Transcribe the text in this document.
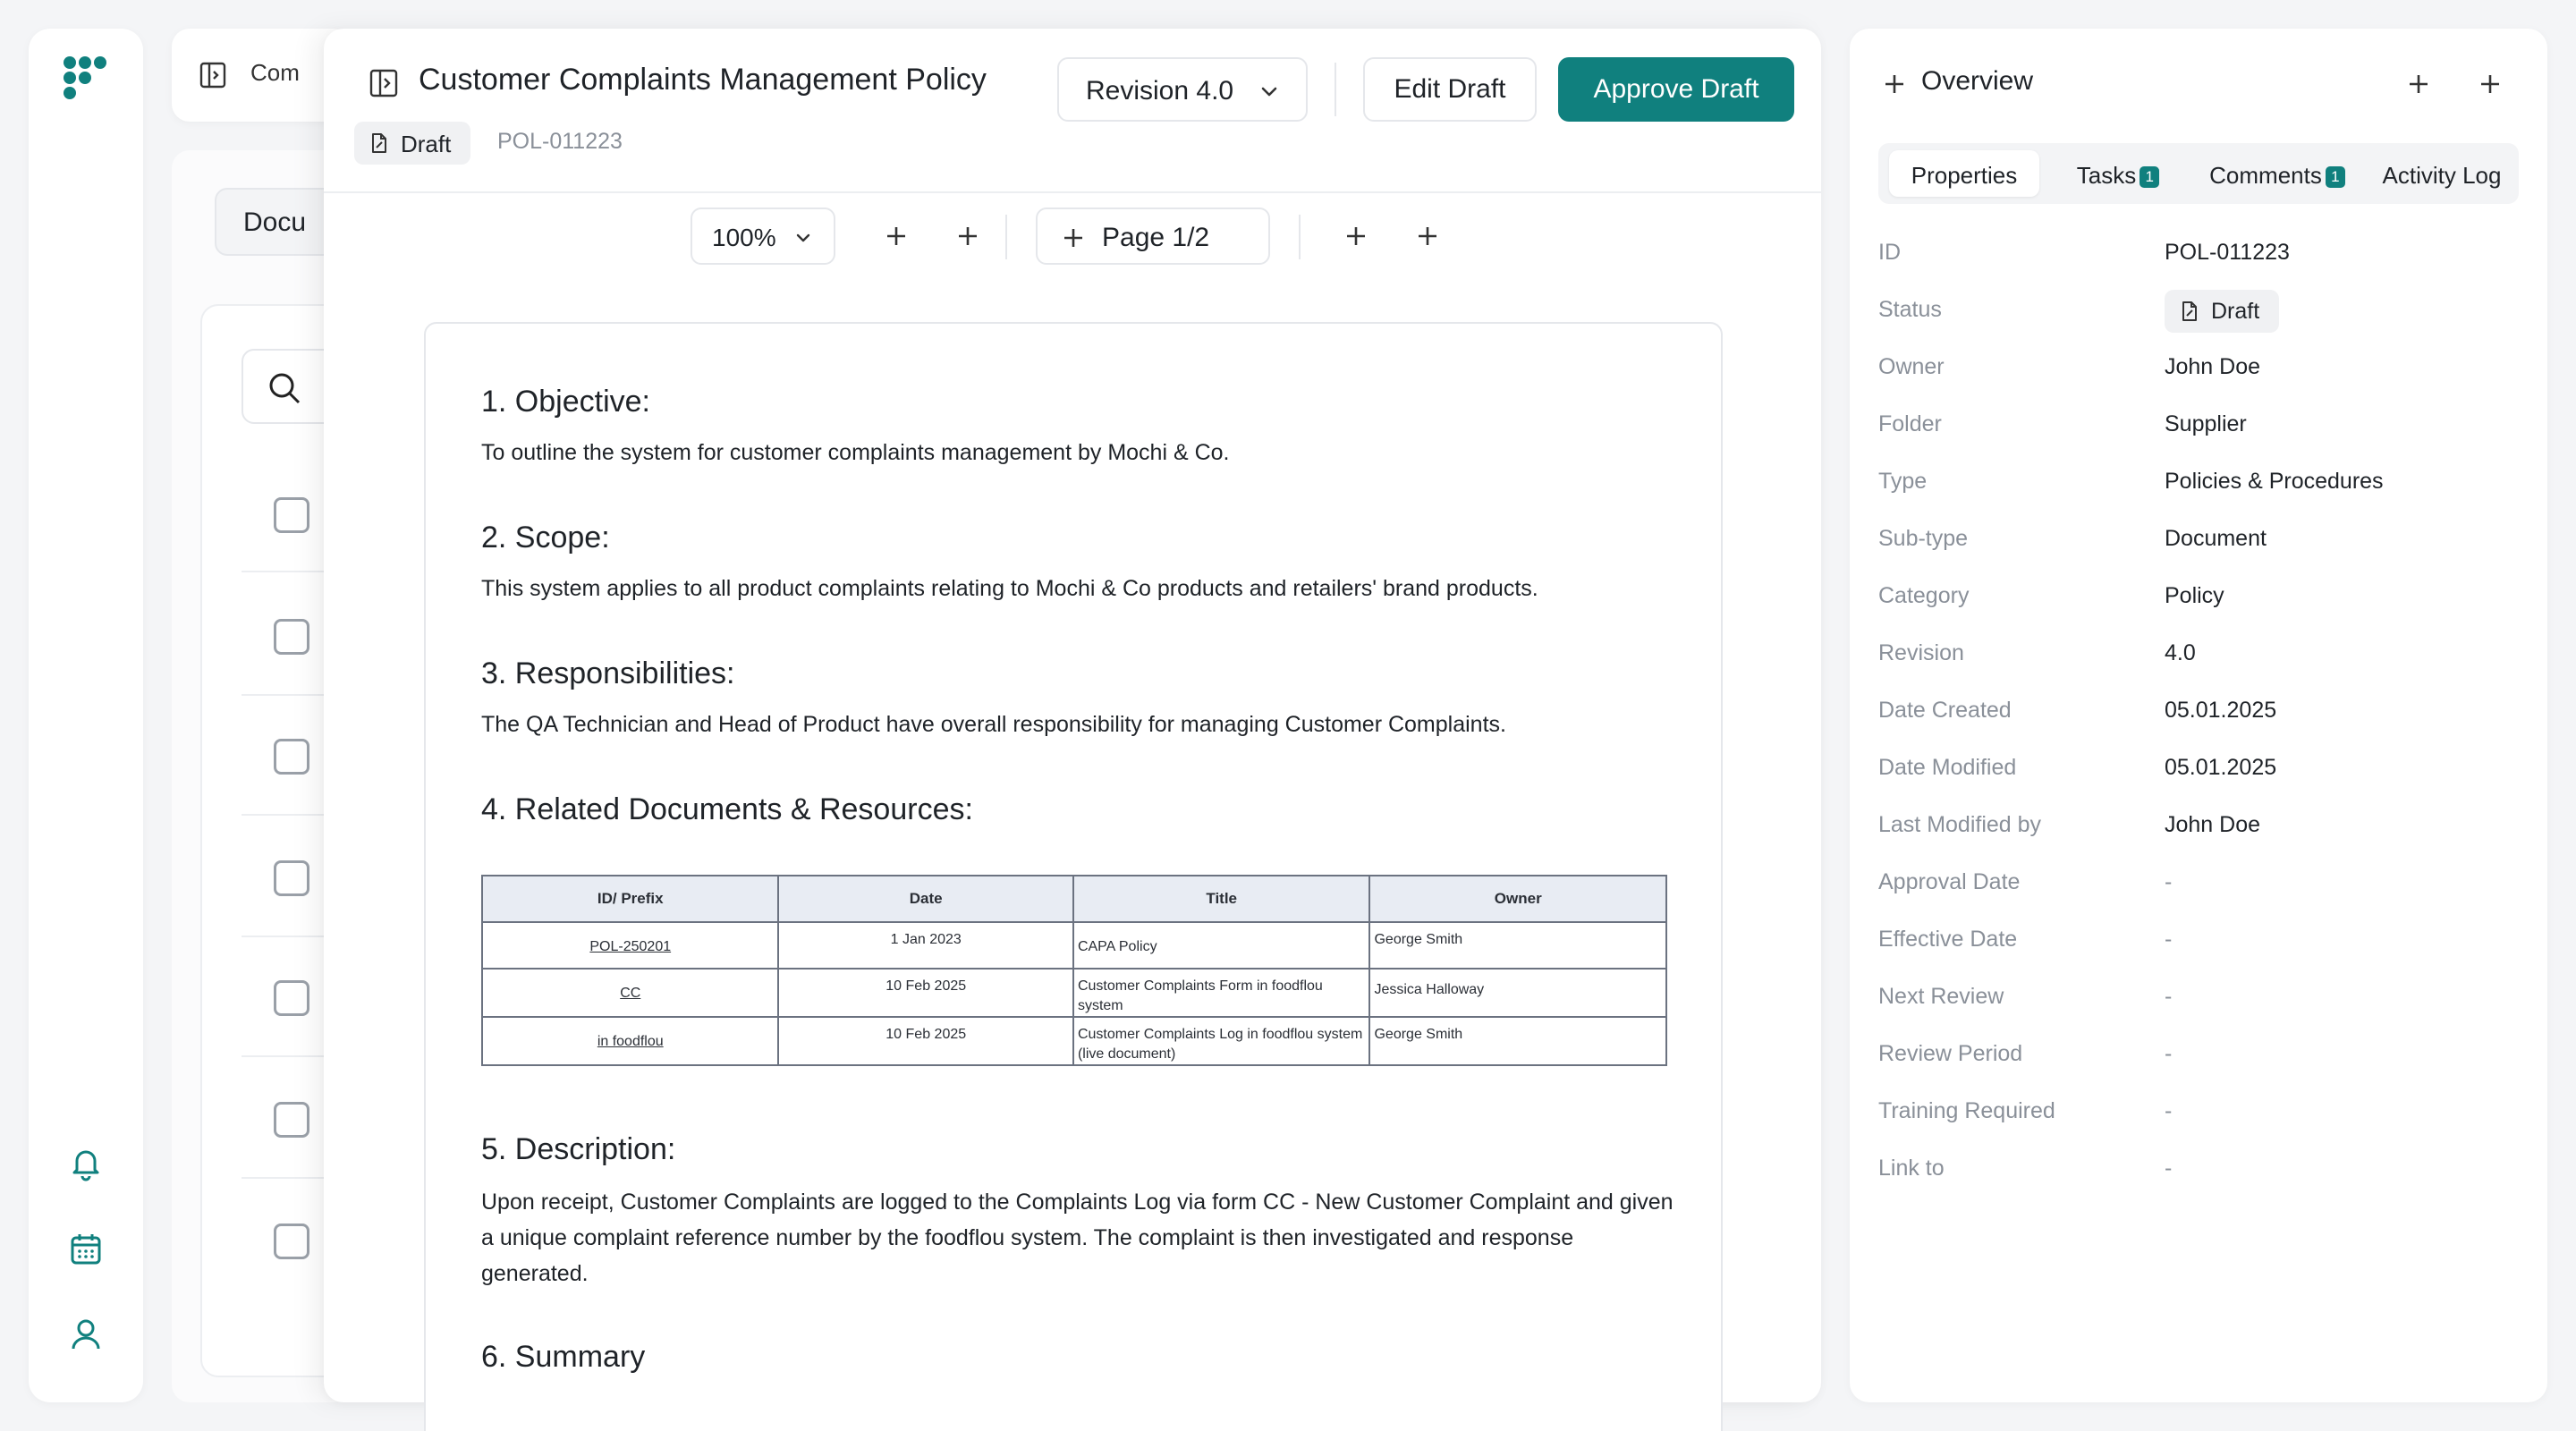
Com
Docu
Customer Complaints Management Policy	Revision 4.0	Edit Draft	Approve Draft
Draft POL-011223
100%	Page 1/2
1. Objective:
To outline the system for customer complaints management by Mochi & Co.
2. Scope:
This system applies to all product complaints relating to Mochi & Co products and retailers' brand products.
3. Responsibilities:
The QA Technician and Head of Product have overall responsibility for managing Customer Complaints.
4. Related Documents & Resources:
ID/ Prefix	Date	Title	Owner
POL-250201	1 Jan 2023	CAPA Policy	George Smith
CC	10 Feb 2025	Customer Complaints Form in foodflou system	Jessica Halloway
in foodflou	10 Feb 2025	Customer Complaints Log in foodflou system (live document)	George Smith
5. Description:
Upon receipt, Customer Complaints are logged to the Complaints Log via form CC - New Customer Complaint and given a unique complaint reference number by the foodflou system. The complaint is then investigated and response generated.
6. Summary
Overview
Properties	Tasks 1	Comments 1	Activity Log
ID	POL-011223
Status	Draft
Owner	John Doe
Folder	Supplier
Type	Policies & Procedures
Sub-type	Document
Category	Policy
Revision	4.0
Date Created	05.01.2025
Date Modified	05.01.2025
Last Modified by	John Doe
Approval Date	-
Effective Date	-
Next Review	-
Review Period	-
Training Required	-
Link to	-
